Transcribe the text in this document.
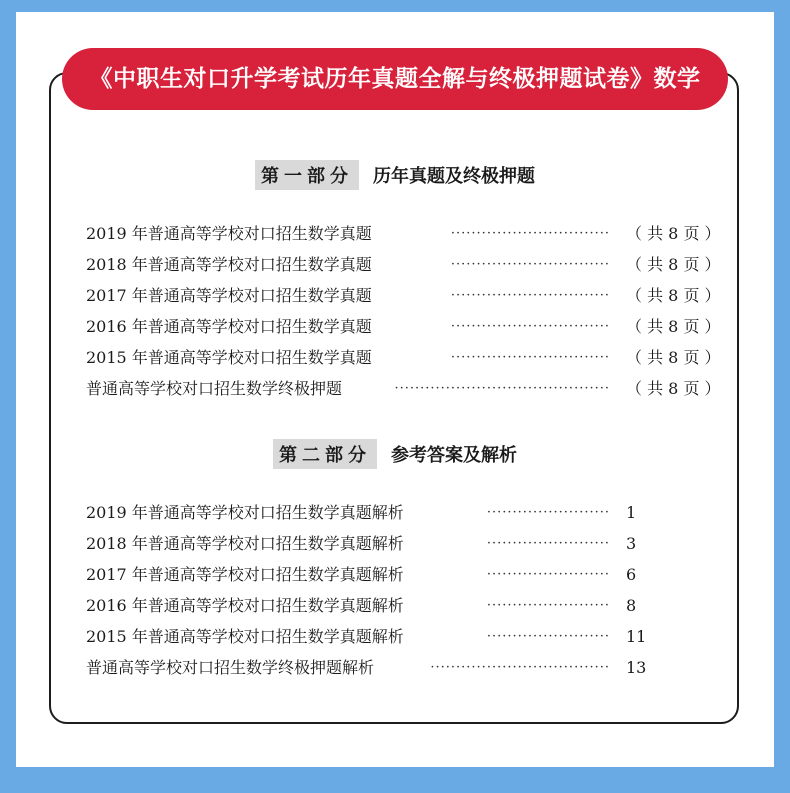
《中职生对口升学考试历年真题全解与终极押题试卷》数学
第一部分 历年真题及终极押题
2019 年普通高等学校对口招生数学真题	······························· （ 共 8 页 ）
2018 年普通高等学校对口招生数学真题	······························· （ 共 8 页 ）
2017 年普通高等学校对口招生数学真题	······························· （ 共 8 页 ）
2016 年普通高等学校对口招生数学真题	······························· （ 共 8 页 ）
2015 年普通高等学校对口招生数学真题	······························· （ 共 8 页 ）
普通高等学校对口招生数学终极押题	·········································· （ 共 8 页 ）
第二部分 参考答案及解析
2019 年普通高等学校对口招生数学真题解析	························ 1
2018 年普通高等学校对口招生数学真题解析	························ 3
2017 年普通高等学校对口招生数学真题解析	························ 6
2016 年普通高等学校对口招生数学真题解析	························ 8
2015 年普通高等学校对口招生数学真题解析	························ 11
普通高等学校对口招生数学终极押题解析	··································· 13
